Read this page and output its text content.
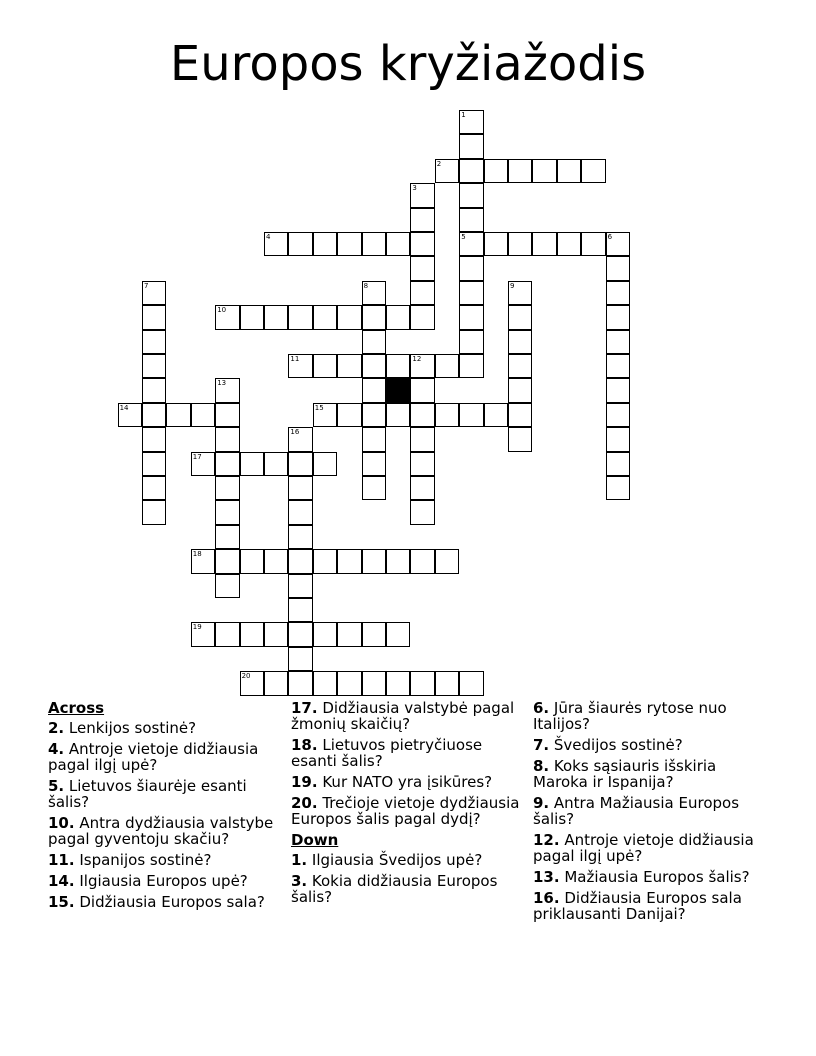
Europos kryžiažodis
1
5
2
3
4	6
7	8	9
10
11	12
13
14	15
16
17
18
19
20
Across
2. Lenkijos sostinė?
4. Antroje vietoje didžiausia pagal ilgį upė?
5. Lietuvos šiaurėje esanti šalis?
10. Antra dydžiausia valstybe pagal gyventoju skačiu?
11. Ispanijos sostinė?
14. Ilgiausia Europos upė?
15. Didžiausia Europos sala?
17. Didžiausia valstybė pagal žmonių skaičių?
18. Lietuvos pietryčiuose esanti šalis?
19. Kur NATO yra įsikūres?
20. Trečioje vietoje dydžiausia Europos šalis pagal dydį?
Down
1. Ilgiausia Švedijos upė?
3. Kokia didžiausia Europos šalis?
6. Jūra šiaurės rytose nuo Italijos?
7. Švedijos sostinė?
8. Koks sąsiauris išskiria Maroka ir Ispanija?
9. Antra Mažiausia Europos šalis?
12. Antroje vietoje didžiausia pagal ilgį upė?
13. Mažiausia Europos šalis?
16. Didžiausia Europos sala priklausanti Danijai?
